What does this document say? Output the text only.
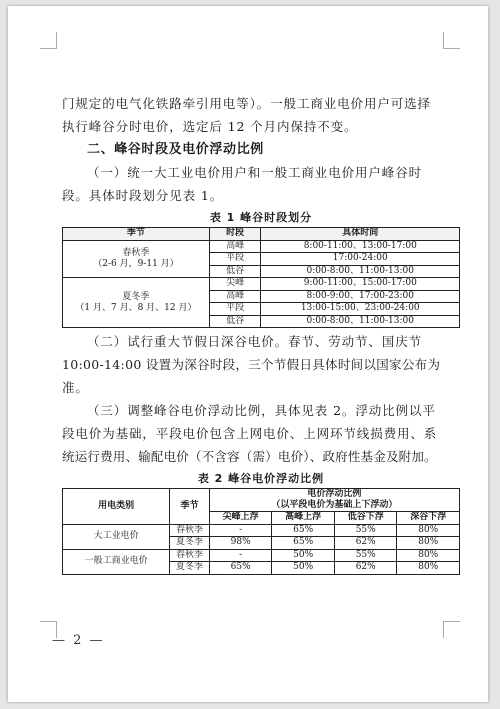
门规定的电气化铁路牵引用电等）。一般工商业电价用户可选择

执行峰谷分时电价，选定后 12 个月内保持不变。

二、峰谷时段及电价浮动比例

（一）统一大工业电价用户和一般工商业电价用户峰谷时

段。具体时段划分见表 1。

表 1 峰谷时段划分

季节	时段	具体时间

春秋季
（2-6 月，9-11 月）	高峰	8:00-11:00、13:00-17:00
	平段	17:00-24:00
	低谷	0:00-8:00、11:00-13:00

夏冬季
（1 月、7 月、8 月、12 月）	尖峰	9:00-11:00、15:00-17:00
	高峰	8:00-9:00、17:00-23:00
	平段	13:00-15:00、23:00-24:00
	低谷	0:00-8:00、11:00-13:00

（二）试行重大节假日深谷电价。春节、劳动节、国庆节

10:00-14:00 设置为深谷时段，三个节假日具体时间以国家公布为

准。

（三）调整峰谷电价浮动比例，具体见表 2。浮动比例以平

段电价为基础，平段电价包含上网电价、上网环节线损费用、系

统运行费用、输配电价（不含容（需）电价）、政府性基金及附加。

表 2 峰谷电价浮动比例

用电类别	季节	电价浮动比例
（以平段电价为基础上下浮动）			

		尖峰上浮	高峰上浮	低谷下浮	深谷下浮
大工业电价	春秋季	-	65%	55%	80%
	夏冬季	98%	65%	62%	80%
一般工商业电价	春秋季	-	50%	55%	80%
	夏冬季	65%	50%	62%	80%
— 2 —
